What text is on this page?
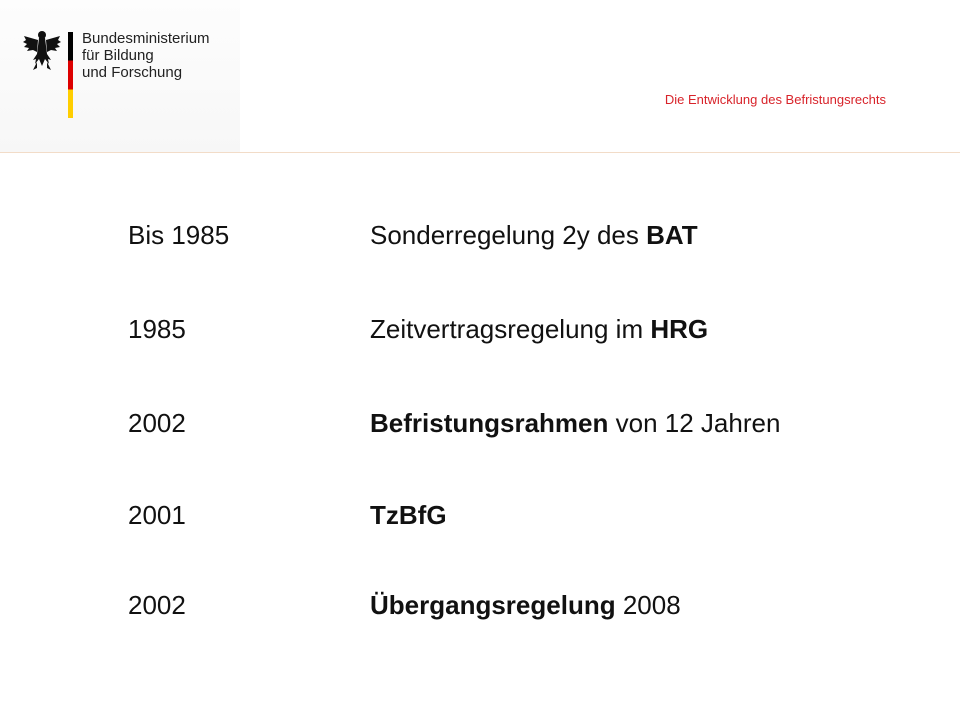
Bundesministerium
für Bildung
und Forschung
Die Entwicklung des Befristungsrechts
Bis 1985	Sonderregelung 2y des BAT
1985	Zeitvertragsregelung im HRG
2002	Befristungsrahmen von 12 Jahren
2001	TzBfG
2002	Übergangsregelung 2008
